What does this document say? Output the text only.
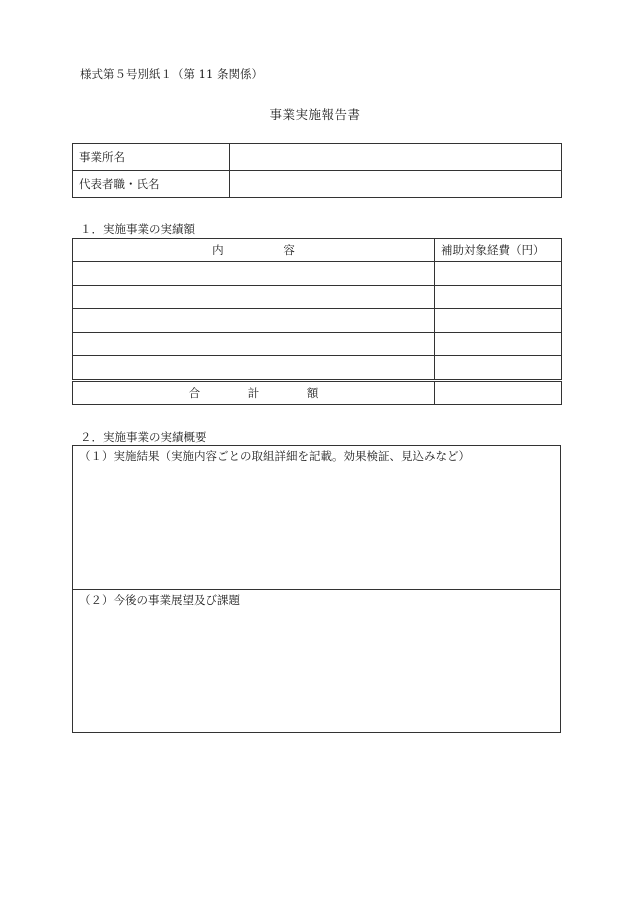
様式第５号別紙１（第 11 条関係）
事業実施報告書
事業所名	
代表者職・氏名	
１．実施事業の実績額
内 容	補助対象経費（円）

合 計 額	
２．実施事業の実績概要
（１）実施結果（実施内容ごとの取組詳細を記載。効果検証、見込みなど）
（２）今後の事業展望及び課題
